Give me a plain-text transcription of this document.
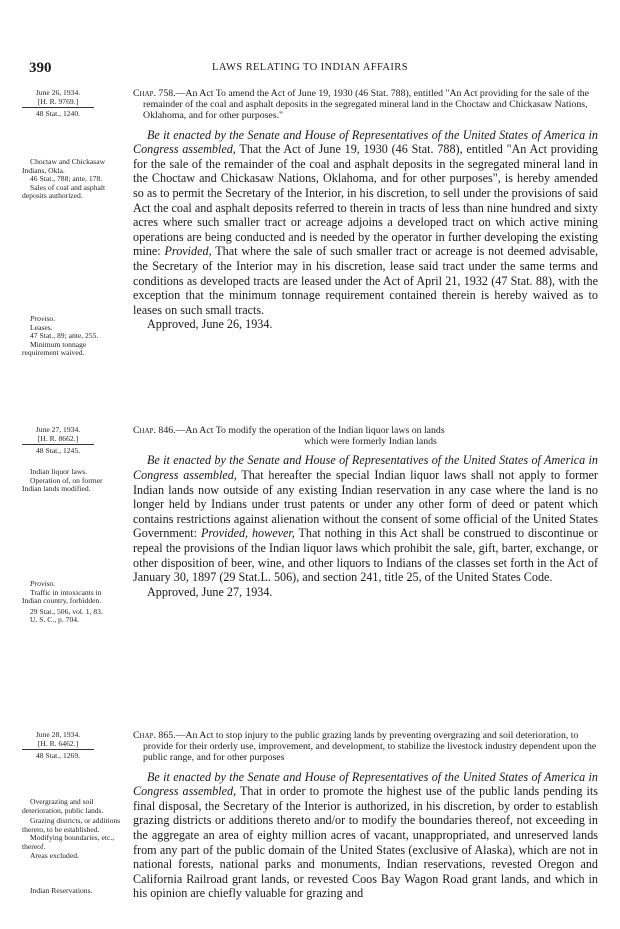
390	LAWS RELATING TO INDIAN AFFAIRS
June 26, 1934.
[H. R. 9769.]
48 Stat., 1240.

Choctaw and Chickasaw Indians, Okla.

46 Stat., 788; ante, 178.

Sales of coal and asphalt deposits authorized.

Proviso.

Leases.

47 Stat., 89; ante, 255.

Minimum tonnage requirement waived.

Chap. 758.—An Act To amend the Act of June 19, 1930 (46 Stat. 788), entitled "An Act providing for the sale of the remainder of the coal and asphalt deposits in the segregated mineral land in the Choctaw and Chickasaw Nations, Oklahoma, and for other purposes."

Be it enacted by the Senate and House of Representatives of the United States of America in Congress assembled, That the Act of June 19, 1930 (46 Stat. 788), entitled "An Act providing for the sale of the remainder of the coal and asphalt deposits in the segregated mineral land in the Choctaw and Chickasaw Nations, Oklahoma, and for other purposes", is hereby amended so as to permit the Secretary of the Interior, in his discretion, to sell under the provisions of said Act the coal and asphalt deposits referred to therein in tracts of less than nine hundred and sixty acres where such smaller tract or acreage adjoins a developed tract on which active mining operations are being conducted and is needed by the operator in further developing the existing mine: Provided, That where the sale of such smaller tract or acreage is not deemed advisable, the Secretary of the Interior may in his discretion, lease said tract under the same terms and conditions as developed tracts are leased under the Act of April 21, 1932 (47 Stat. 88), with the exception that the minimum tonnage requirement contained therein is hereby waived as to leases on such small tracts.

Approved, June 26, 1934.

June 27, 1934.
[H. R. 8662.]
48 Stat., 1245.

Indian liquor laws.

Operation of, on former Indian lands modified.

Proviso.

Traffic in intoxicants in Indian country, forbidden.

29 Stat., 506, vol. 1, 83.

U. S. C., p. 704.

Chap. 846.—An Act To modify the operation of the Indian liquor laws on lands
which were formerly Indian lands

Be it enacted by the Senate and House of Representatives of the United States of America in Congress assembled, That hereafter the special Indian liquor laws shall not apply to former Indian lands now outside of any existing Indian reservation in any case where the land is no longer held by Indians under trust patents or under any other form of deed or patent which contains restrictions against alienation without the consent of some official of the United States Government: Provided, however, That nothing in this Act shall be construed to discontinue or repeal the provisions of the Indian liquor laws which prohibit the sale, gift, barter, exchange, or other disposition of beer, wine, and other liquors to Indians of the classes set forth in the Act of January 30, 1897 (29 Stat.L. 506), and section 241, title 25, of the United States Code.

Approved, June 27, 1934.

June 28, 1934.
[H. R. 6462.]
48 Stat., 1269.

Overgrazing and soil deterioration, public lands.

Grazing districts, or additions thereto, to be established.

Modifying boundaries, etc., thereof.

Areas excluded.

Indian Reservations.

Chap. 865.—An Act to stop injury to the public grazing lands by preventing overgrazing and soil deterioration, to provide for their orderly use, improvement, and development, to stabilize the livestock industry dependent upon the public range, and for other purposes

Be it enacted by the Senate and House of Representatives of the United States of America in Congress assembled, That in order to promote the highest use of the public lands pending its final disposal, the Secretary of the Interior is authorized, in his discretion, by order to establish grazing districts or additions thereto and/or to modify the boundaries thereof, not exceeding in the aggregate an area of eighty million acres of vacant, unappropriated, and unreserved lands from any part of the public domain of the United States (exclusive of Alaska), which are not in national forests, national parks and monuments, Indian reservations, revested Oregon and California Railroad grant lands, or revested Coos Bay Wagon Road grant lands, and which in his opinion are chiefly valuable for grazing and
